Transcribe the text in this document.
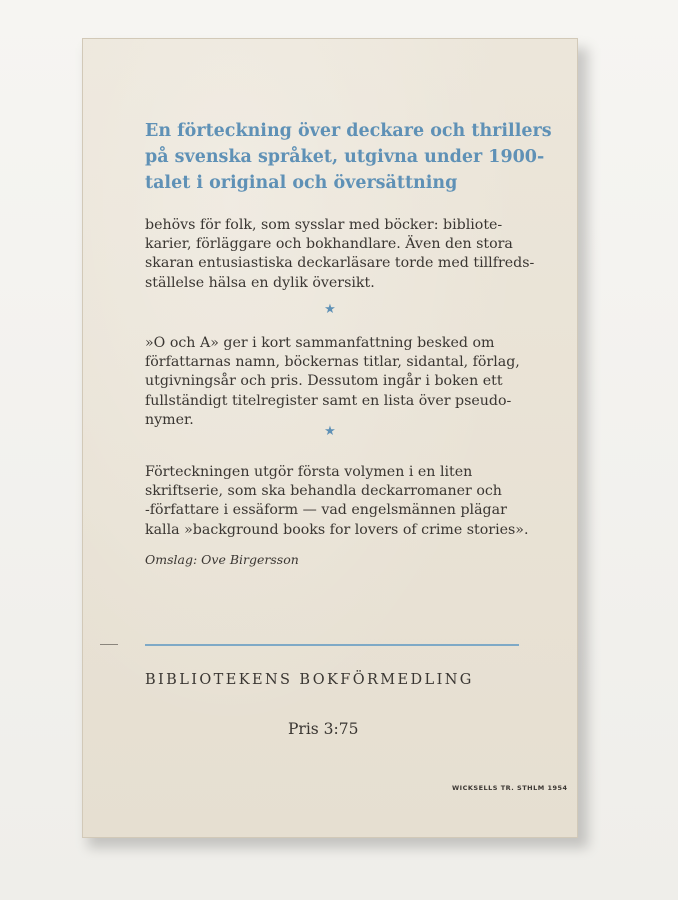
En förteckning över deckare och thrillers
på svenska språket, utgivna under 1900-
talet i original och översättning
behövs för folk, som sysslar med böcker: bibliote-
karier, förläggare och bokhandlare. Även den stora
skaran entusiastiska deckarläsare torde med tillfreds-
ställelse hälsa en dylik översikt.
★
»O och A» ger i kort sammanfattning besked om
författarnas namn, böckernas titlar, sidantal, förlag,
utgivningsår och pris. Dessutom ingår i boken ett
fullständigt titelregister samt en lista över pseudo-
nymer.
★
Förteckningen utgör första volymen i en liten
skriftserie, som ska behandla deckarromaner och
-författare i essäform — vad engelsmännen plägar
kalla »background books for lovers of crime stories».
Omslag: Ove Birgersson
BIBLIOTEKENS BOKFÖRMEDLING
Pris 3:75
WICKSELLS TR. STHLM 1954
